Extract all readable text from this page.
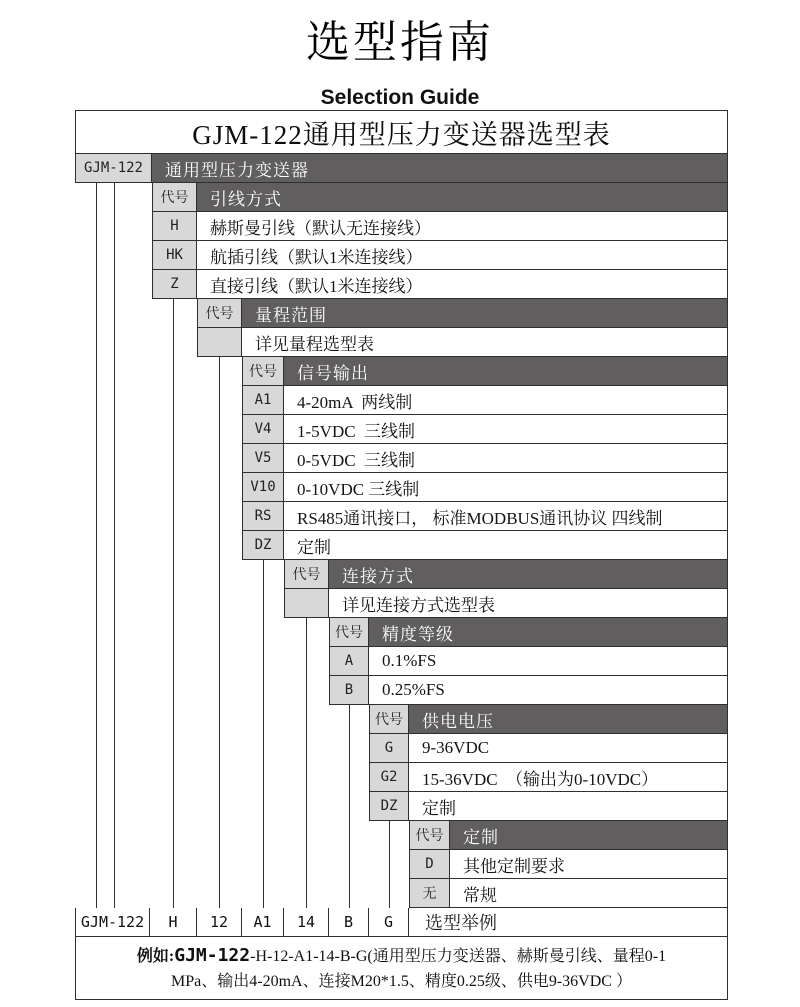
选型指南
Selection Guide
GJM-122通用型压力变送器选型表
GJM-122	通用型压力变送器
代号	引线方式
H	赫斯曼引线（默认无连接线）
HK	航插引线（默认1米连接线）
Z	直接引线（默认1米连接线）
代号	量程范围
详见量程选型表
代号	信号输出
A1	4-20mA  两线制
V4	1-5VDC  三线制
V5	0-5VDC  三线制
V10	0-10VDC 三线制
RS	RS485通讯接口， 标准MODBUS通讯协议 四线制
DZ	定制
代号	连接方式
详见连接方式选型表
代号	精度等级
A	0.1%FS
B	0.25%FS
代号	供电电压
G	9-36VDC
G2	15-36VDC  （输出为0-10VDC）
DZ	定制
代号	定制
D	其他定制要求
无	常规
GJM-122	H	12	A1	14	B	G	选型举例
例如:GJM-122-H-12-A1-14-B-G(通用型压力变送器、赫斯曼引线、量程0-1
MPa、输出4-20mA、连接M20*1.5、精度0.25级、供电9-36VDC ）
